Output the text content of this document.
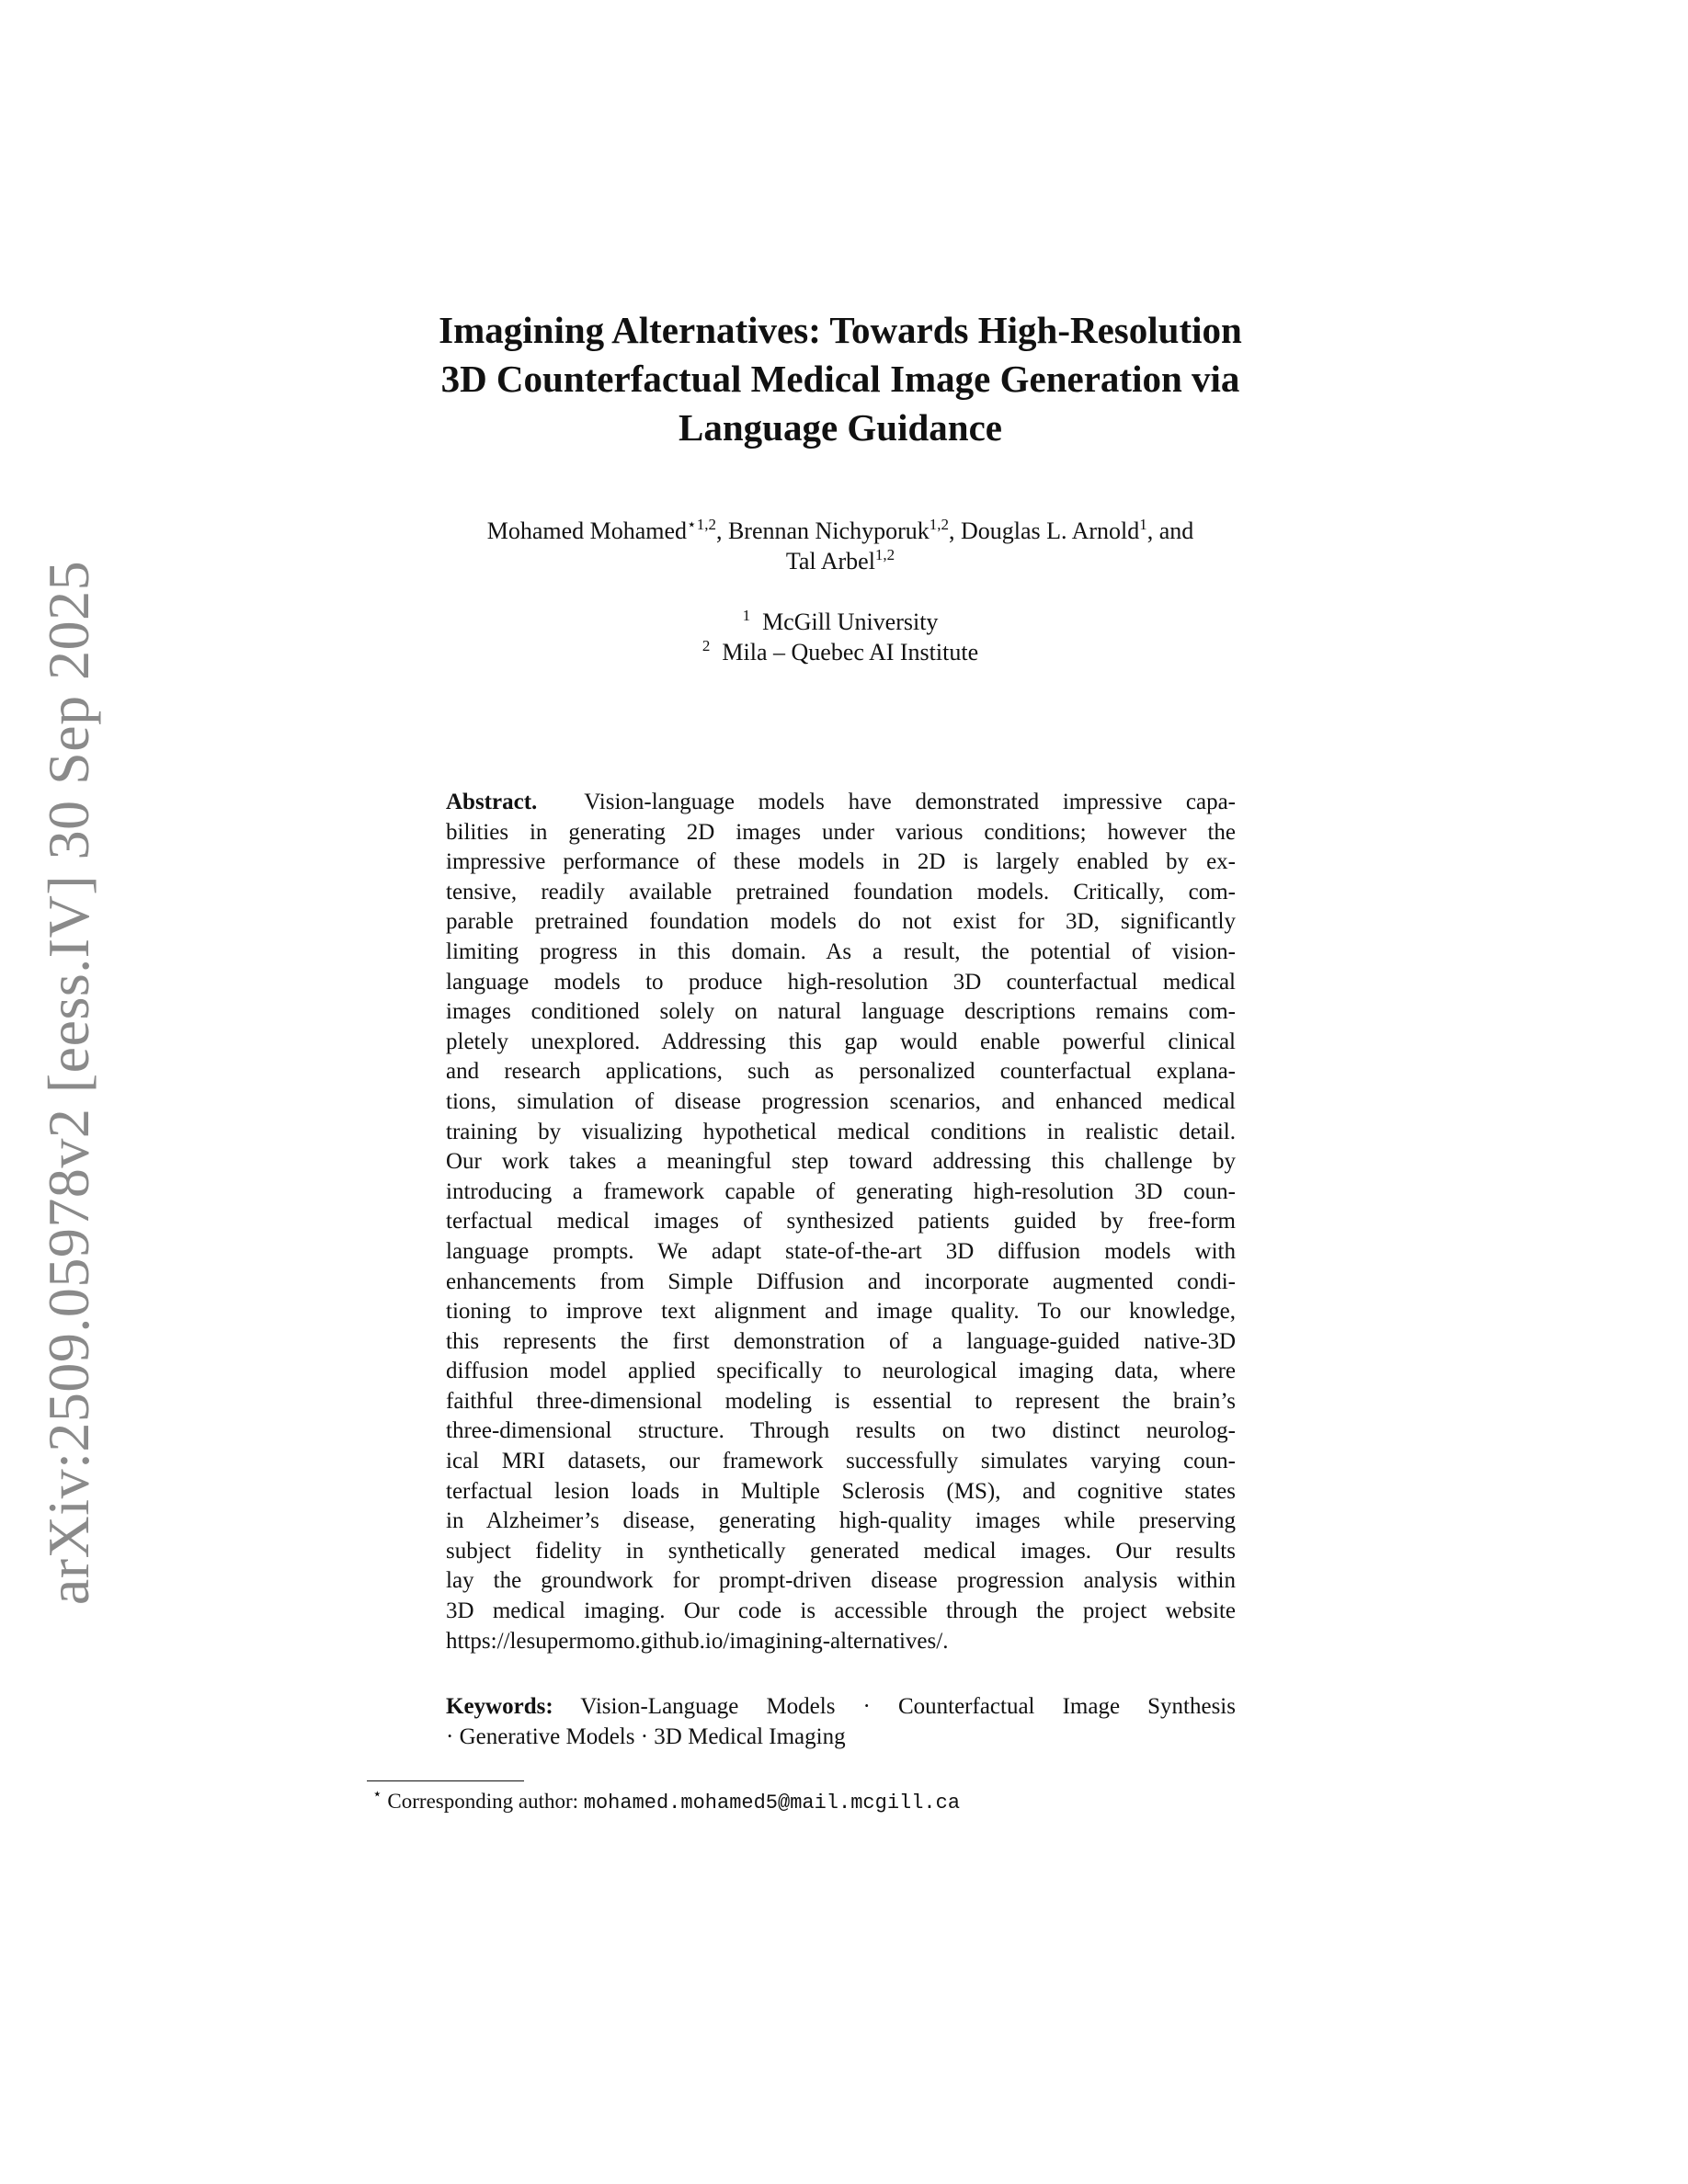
arXiv:2509.05978v2 [eess.IV] 30 Sep 2025
Imagining Alternatives: Towards High-Resolution
3D Counterfactual Medical Image Generation via
Language Guidance
Mohamed Mohamed$^{⋆1,2}$, Brennan Nichyporuk$^{1,2}$, Douglas L. Arnold$^1$, and
Tal Arbel$^{1,2}$
$^1$ McGill University
$^2$ Mila – Quebec AI Institute
Abstract. Vision-language models have demonstrated impressive capa-
bilities in generating 2D images under various conditions; however the
impressive performance of these models in 2D is largely enabled by ex-
tensive, readily available pretrained foundation models. Critically, com-
parable pretrained foundation models do not exist for 3D, significantly
limiting progress in this domain. As a result, the potential of vision-
language models to produce high-resolution 3D counterfactual medical
images conditioned solely on natural language descriptions remains com-
pletely unexplored. Addressing this gap would enable powerful clinical
and research applications, such as personalized counterfactual explana-
tions, simulation of disease progression scenarios, and enhanced medical
training by visualizing hypothetical medical conditions in realistic detail.
Our work takes a meaningful step toward addressing this challenge by
introducing a framework capable of generating high-resolution 3D coun-
terfactual medical images of synthesized patients guided by free-form
language prompts. We adapt state-of-the-art 3D diffusion models with
enhancements from Simple Diffusion and incorporate augmented condi-
tioning to improve text alignment and image quality. To our knowledge,
this represents the first demonstration of a language-guided native-3D
diffusion model applied specifically to neurological imaging data, where
faithful three-dimensional modeling is essential to represent the brain’s
three-dimensional structure. Through results on two distinct neurolog-
ical MRI datasets, our framework successfully simulates varying coun-
terfactual lesion loads in Multiple Sclerosis (MS), and cognitive states
in Alzheimer’s disease, generating high-quality images while preserving
subject fidelity in synthetically generated medical images. Our results
lay the groundwork for prompt-driven disease progression analysis within
3D medical imaging. Our code is accessible through the project website
https://lesupermomo.github.io/imagining-alternatives/.
Keywords: Vision-Language Models · Counterfactual Image Synthesis
· Generative Models · 3D Medical Imaging
⋆ Corresponding author: mohamed.mohamed5@mail.mcgill.ca
